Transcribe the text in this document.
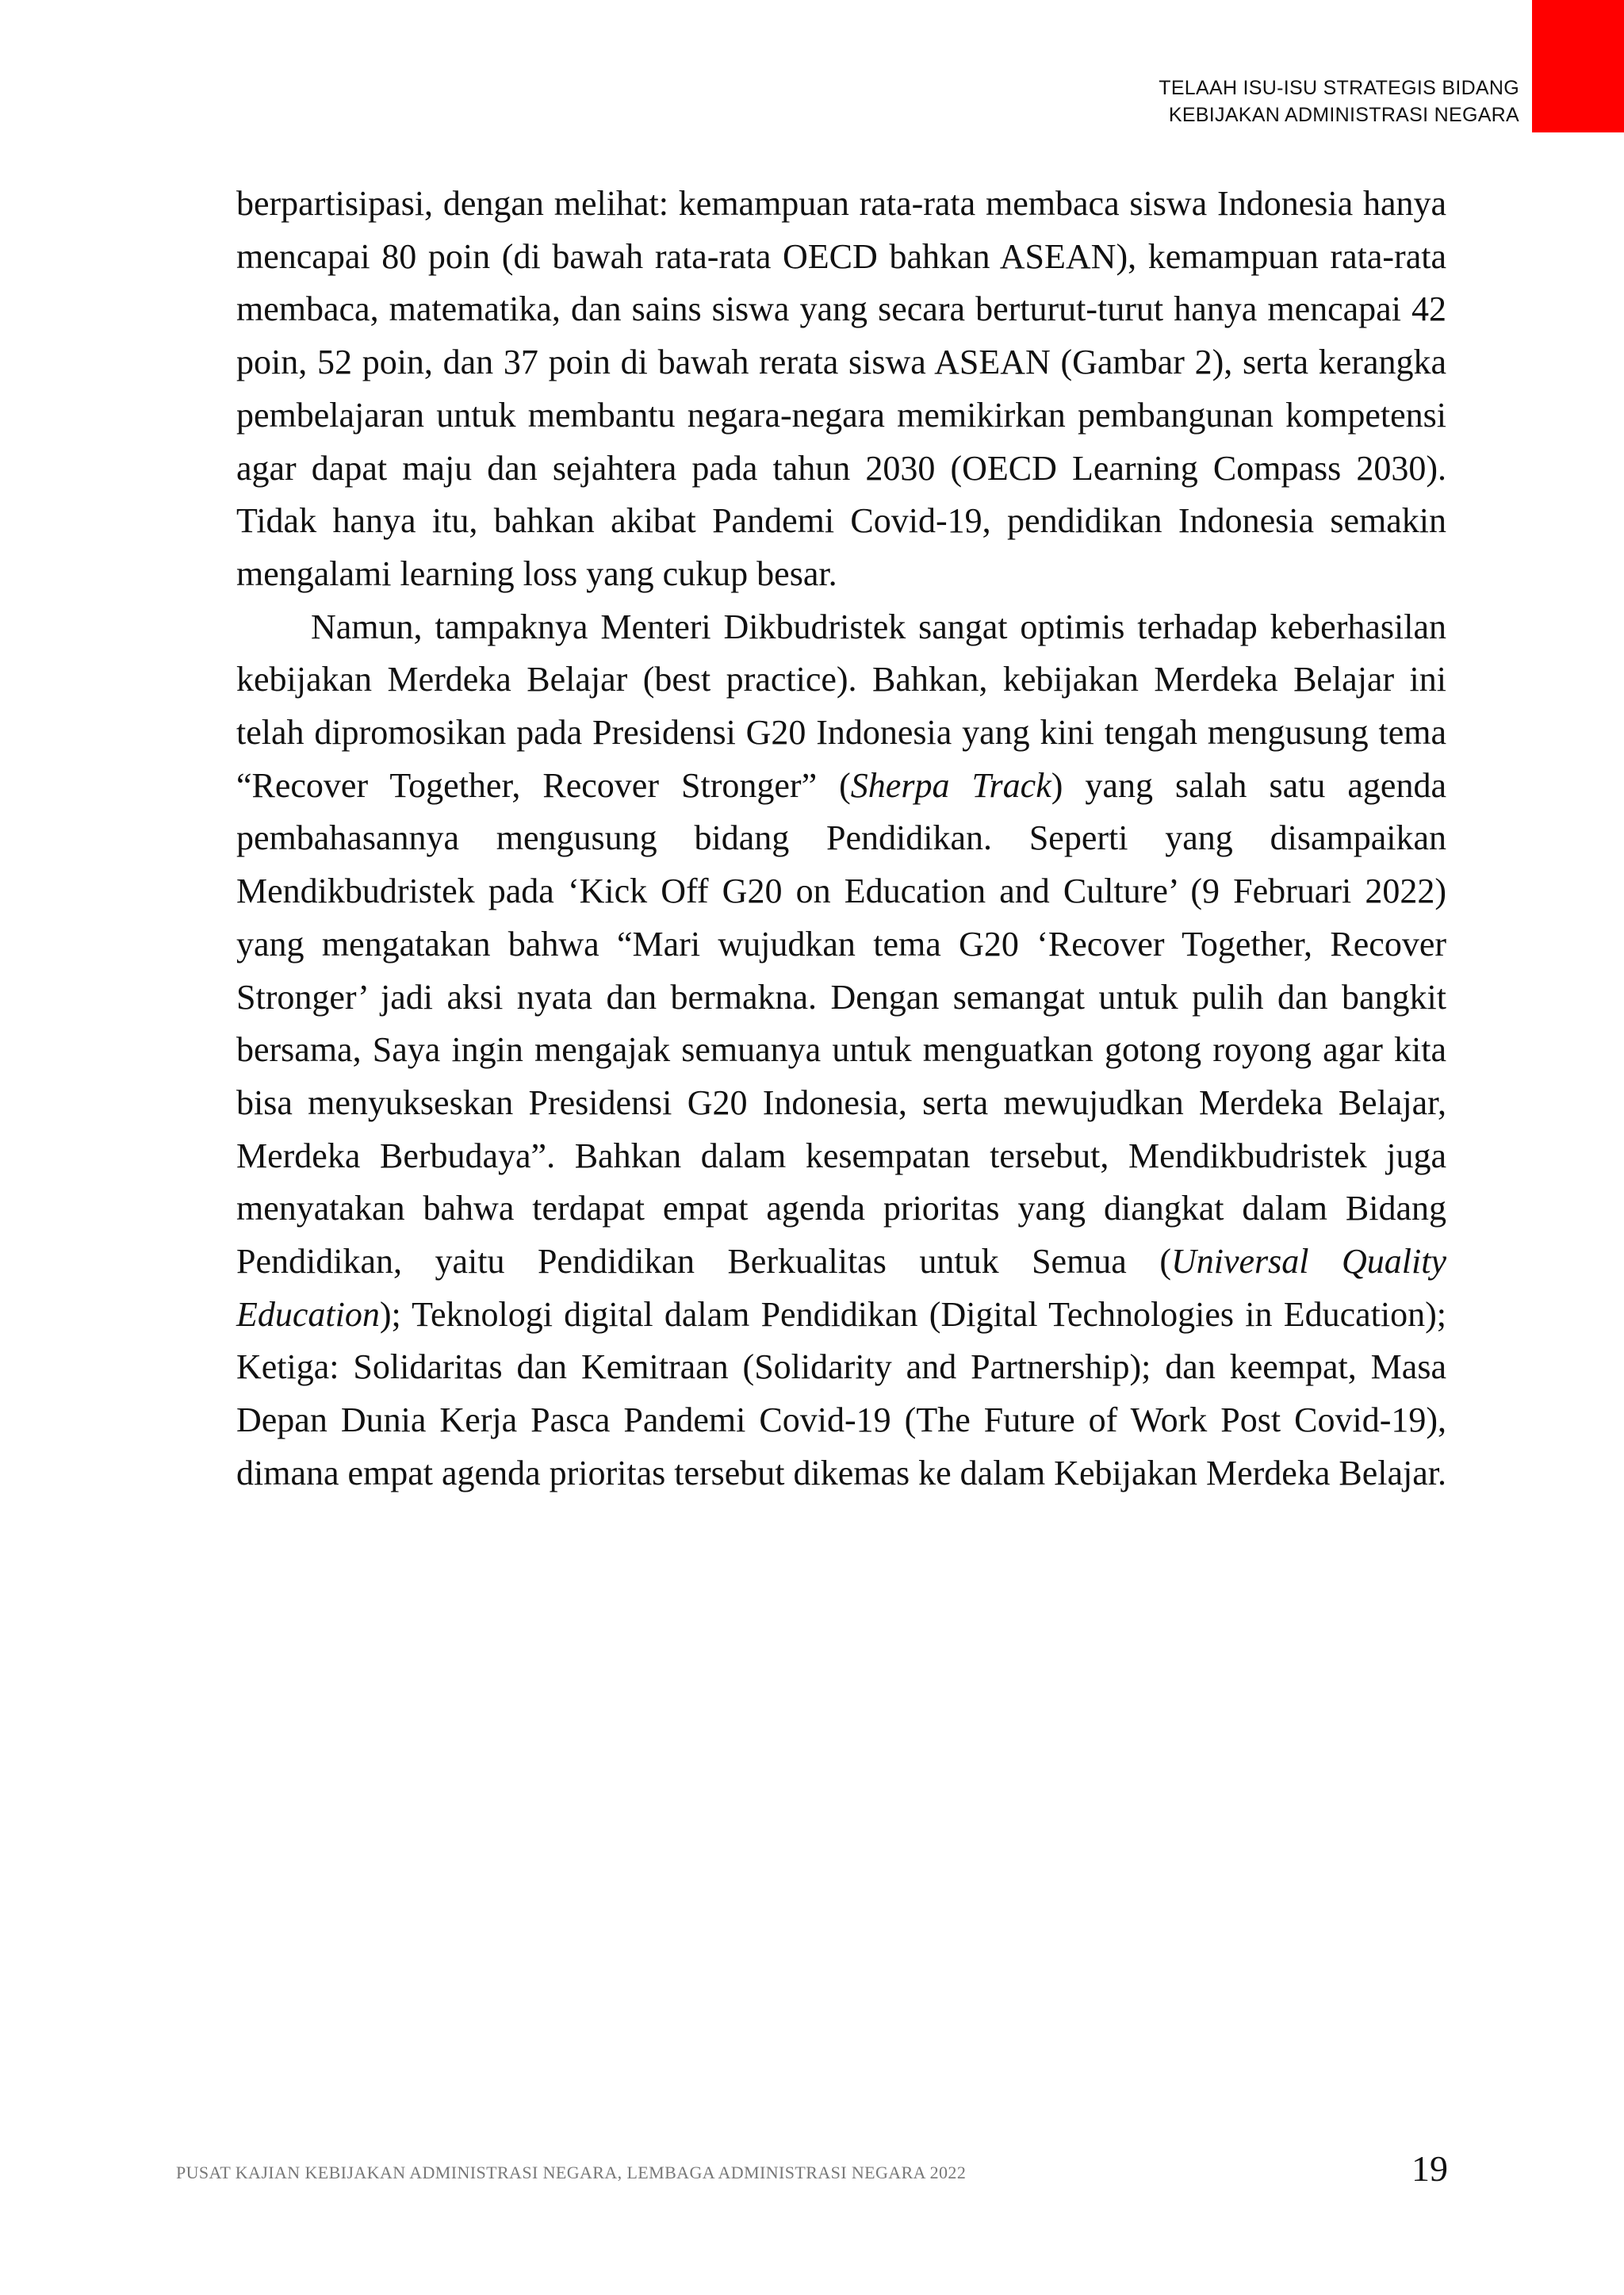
TELAAH ISU-ISU STRATEGIS BIDANG
KEBIJAKAN ADMINISTRASI NEGARA

berpartisipasi, dengan melihat: kemampuan rata-rata membaca siswa Indonesia hanya mencapai 80 poin (di bawah rata-rata OECD bahkan ASEAN), kemampuan rata-rata membaca, matematika, dan sains siswa yang secara berturut-turut hanya mencapai 42 poin, 52 poin, dan 37 poin di bawah rerata siswa ASEAN (Gambar 2), serta kerangka pembelajaran untuk membantu negara-negara memikirkan pembangunan kompetensi agar dapat maju dan sejahtera pada tahun 2030 (OECD Learning Compass 2030). Tidak hanya itu, bahkan akibat Pandemi Covid-19, pendidikan Indonesia semakin mengalami learning loss yang cukup besar.

Namun, tampaknya Menteri Dikbudristek sangat optimis terhadap keberhasilan kebijakan Merdeka Belajar (best practice). Bahkan, kebijakan Merdeka Belajar ini telah dipromosikan pada Presidensi G20 Indonesia yang kini tengah mengusung tema “Recover Together, Recover Stronger” (Sherpa Track) yang salah satu agenda pembahasannya mengusung bidang Pendidikan. Seperti yang disampaikan Mendikbudristek pada ‘Kick Off G20 on Education and Culture’ (9 Februari 2022) yang mengatakan bahwa “Mari wujudkan tema G20 ‘Recover Together, Recover Stronger’ jadi aksi nyata dan bermakna. Dengan semangat untuk pulih dan bangkit bersama, Saya ingin mengajak semuanya untuk menguatkan gotong royong agar kita bisa menyukseskan Presidensi G20 Indonesia, serta mewujudkan Merdeka Belajar, Merdeka Berbudaya”. Bahkan dalam kesempatan tersebut, Mendikbudristek juga menyatakan bahwa terdapat empat agenda prioritas yang diangkat dalam Bidang Pendidikan, yaitu Pendidikan Berkualitas untuk Semua (Universal Quality Education); Teknologi digital dalam Pendidikan (Digital Technologies in Education); Ketiga: Solidaritas dan Kemitraan (Solidarity and Partnership); dan keempat, Masa Depan Dunia Kerja Pasca Pandemi Covid-19 (The Future of Work Post Covid-19), dimana empat agenda prioritas tersebut dikemas ke dalam Kebijakan Merdeka Belajar.

PUSAT KAJIAN KEBIJAKAN ADMINISTRASI NEGARA, LEMBAGA ADMINISTRASI NEGARA 2022	19
